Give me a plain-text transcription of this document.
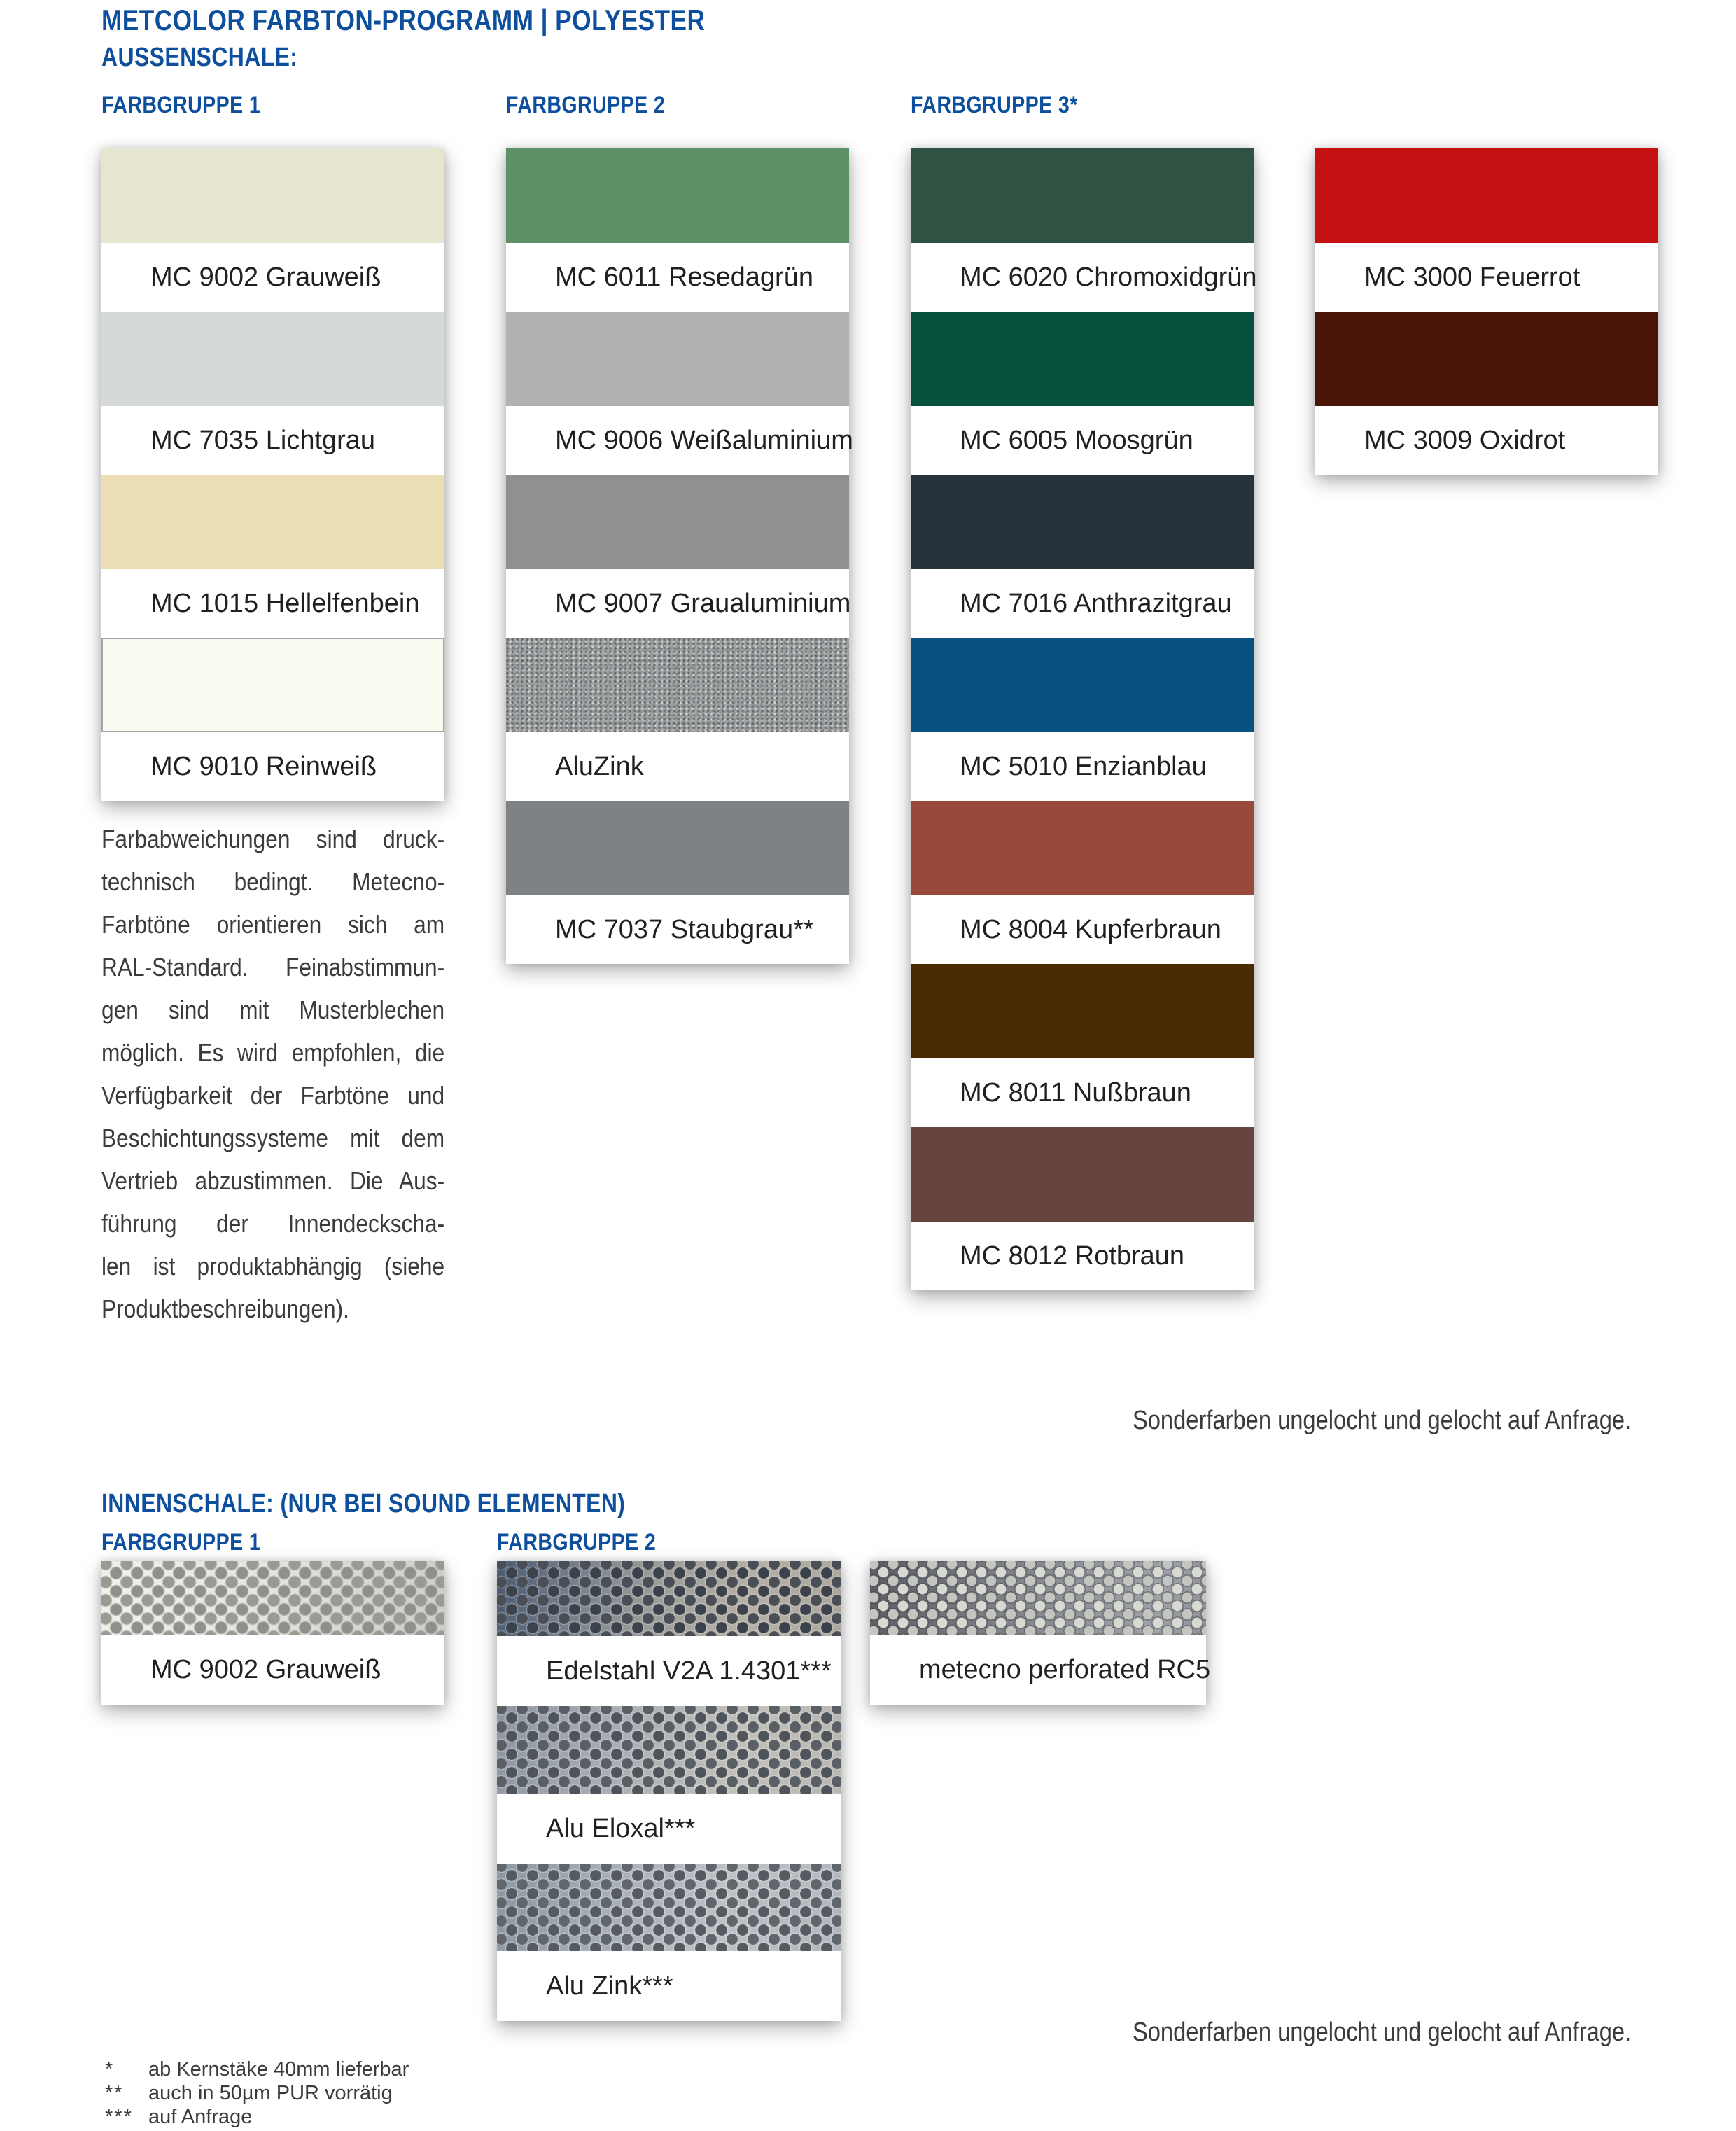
METCOLOR FARBTON-PROGRAMM | POLYESTER
AUSSENSCHALE:
FARBGRUPPE 1	FARBGRUPPE 2	FARBGRUPPE 3*
MC 9002 Grauweiß
MC 7035 Lichtgrau
MC 1015 Hellelfenbein
MC 9010 Reinweiß
MC 6011 Resedagrün
MC 9006 Weißaluminium
MC 9007 Graualuminium
AluZink
MC 7037 Staubgrau**
MC 6020 Chromoxidgrün
MC 6005 Moosgrün
MC 7016 Anthrazitgrau
MC 5010 Enzianblau
MC 8004 Kupferbraun
MC 8011 Nußbraun
MC 8012 Rotbraun
MC 3000 Feuerrot
MC 3009 Oxidrot
Farbabweichungen sind druck-
technisch bedingt. Metecno-
Farbtöne orientieren sich am
RAL-Standard. Feinabstimmun-
gen sind mit Musterblechen
möglich. Es wird empfohlen, die
Verfügbarkeit der Farbtöne und
Beschichtungssysteme mit dem
Vertrieb abzustimmen. Die Aus-
führung der Innendeckscha-
len ist produktabhängig (siehe
Produktbeschreibungen).
Sonderfarben ungelocht und gelocht auf Anfrage.
INNENSCHALE: (NUR BEI SOUND ELEMENTEN)
FARBGRUPPE 1	FARBGRUPPE 2
MC 9002 Grauweiß	Edelstahl V2A 1.4301***
Alu Eloxal***
Alu Zink***
metecno perforated RC5
Sonderfarben ungelocht und gelocht auf Anfrage.
* ab Kernstäke 40mm lieferbar
** auch in 50µm PUR vorrätig
*** auf Anfrage
